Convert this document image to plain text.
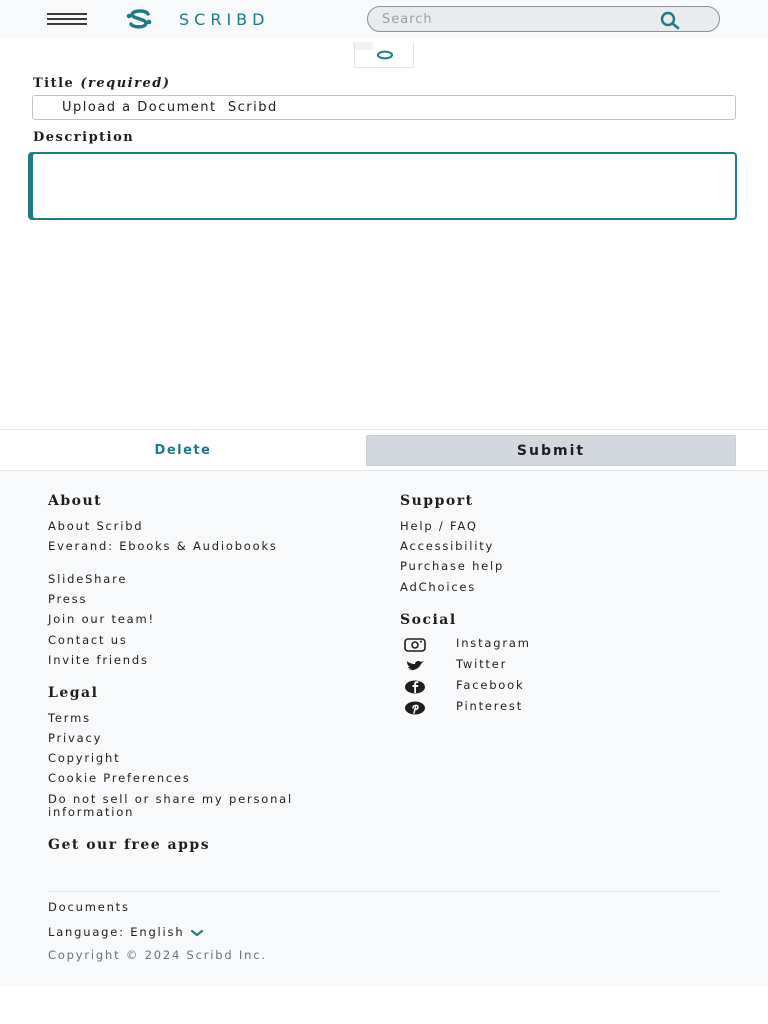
SCRIBD
Search
Title (required)
Upload a Document Scribd
Description
Delete	Submit
About
About Scribd
Everand: Ebooks & Audiobooks
SlideShare
Press
Join our team!
Contact us
Invite friends
Legal
Terms
Privacy
Copyright
Cookie Preferences
Do not sell or share my personal information
Get our free apps
Support
Help / FAQ
Accessibility
Purchase help
AdChoices
Social
Instagram
Twitter
Facebook
Pinterest
Documents
Language: English
Copyright © 2024 Scribd Inc.
